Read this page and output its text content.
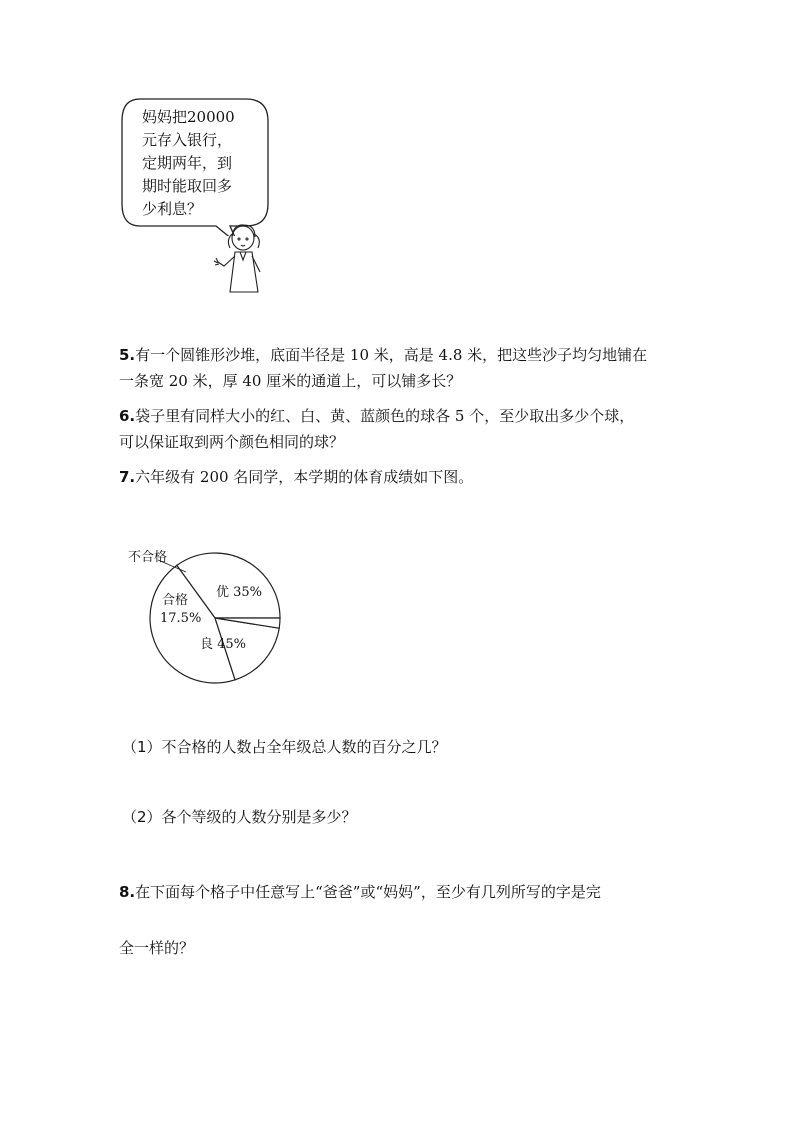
妈妈把20000
元存入银行，
定期两年，到
期时能取回多
少利息？
5.有一个圆锥形沙堆，底面半径是 10 米，高是 4.8 米，把这些沙子均匀地铺在
一条宽 20 米，厚 40 厘米的通道上，可以铺多长？
6.袋子里有同样大小的红、白、黄、蓝颜色的球各 5 个，至少取出多少个球，
可以保证取到两个颜色相同的球？
7.六年级有 200 名同学，本学期的体育成绩如下图。
不合格
优 35%
合格
17.5%
良 45%
（1）不合格的人数占全年级总人数的百分之几？
（2）各个等级的人数分别是多少？
8.在下面每个格子中任意写上“爸爸”或“妈妈”，至少有几列所写的字是完
全一样的？
